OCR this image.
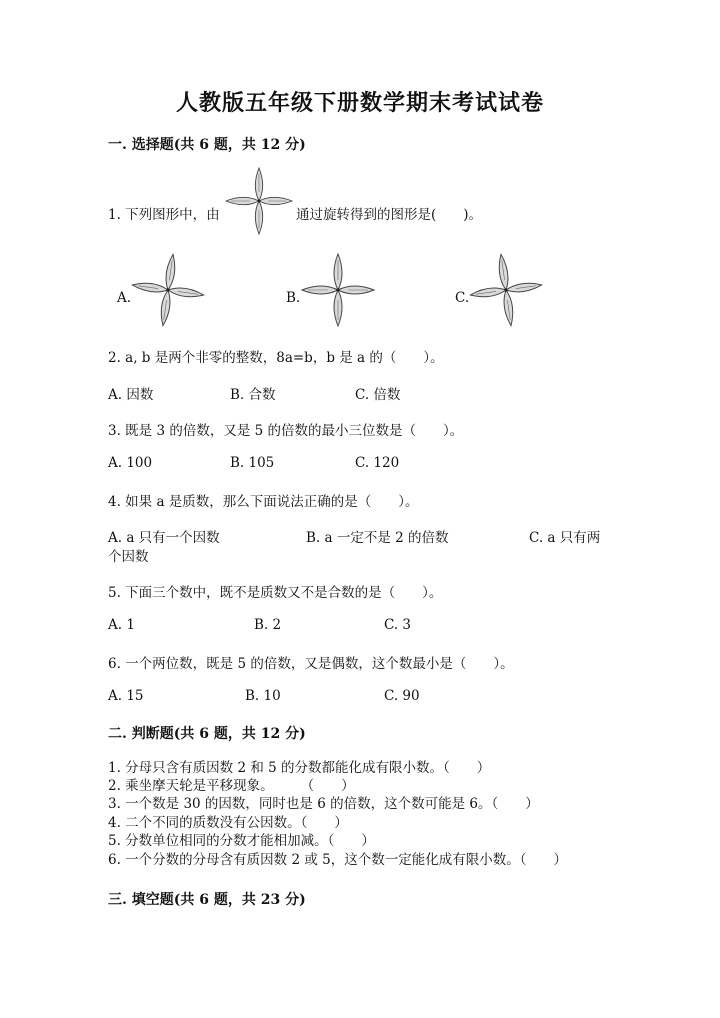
人教版五年级下册数学期末考试试卷
一. 选择题(共 6 题，共 12 分)
1. 下列图形中，由	通过旋转得到的图形是(　　)。
A.	B.	C.
2. a, b 是两个非零的整数，8a=b，b 是 a 的（　　）。
A. 因数	B. 合数	C. 倍数
3. 既是 3 的倍数，又是 5 的倍数的最小三位数是（　　）。
A. 100	B. 105	C. 120
4. 如果 a 是质数，那么下面说法正确的是（　　）。
A. a 只有一个因数	B. a 一定不是 2 的倍数	C. a 只有两
个因数
5. 下面三个数中，既不是质数又不是合数的是（　　）。
A. 1	B. 2	C. 3
6. 一个两位数，既是 5 的倍数，又是偶数，这个数最小是（　　）。
A. 15	B. 10	C. 90
二. 判断题(共 6 题，共 12 分)
1. 分母只含有质因数 2 和 5 的分数都能化成有限小数。（　　）
2. 乘坐摩天轮是平移现象。　　　（　　）
3. 一个数是 30 的因数，同时也是 6 的倍数，这个数可能是 6。（　　）
4. 二个不同的质数没有公因数。（　　）
5. 分数单位相同的分数才能相加减。（　　）
6. 一个分数的分母含有质因数 2 或 5，这个数一定能化成有限小数。（　　）
三. 填空题(共 6 题，共 23 分)
